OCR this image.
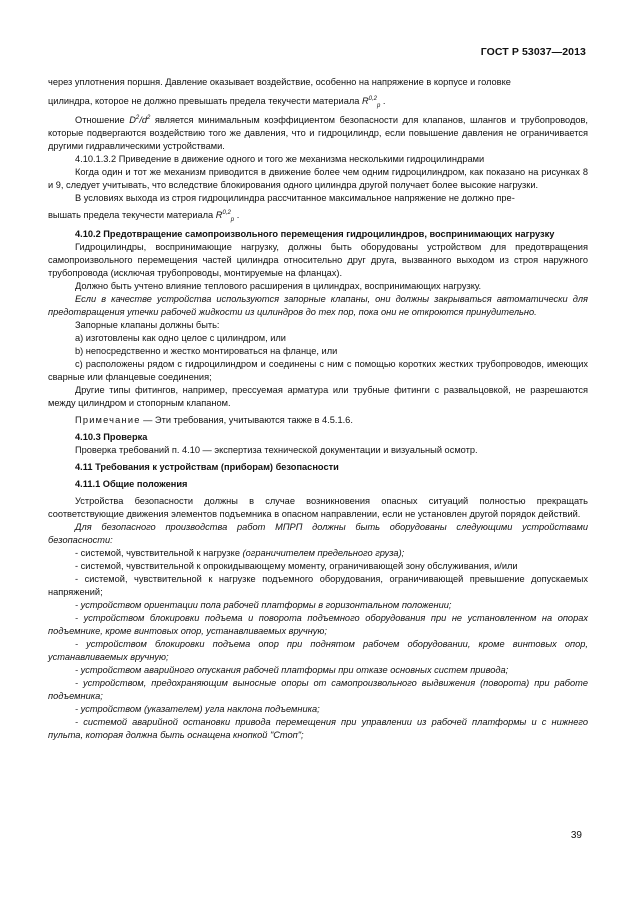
ГОСТ Р 53037—2013

через уплотнения поршня. Давление оказывает воздействие, особенно на напряжение в корпусе и головке

цилиндра, которое не должно превышать предела текучести материала R$^{0,2}_p$ .

Отношение $D^2/d^2$ является минимальным коэффициентом безопасности для клапанов, шлангов и трубопроводов, которые подвергаются воздействию того же давления, что и гидроцилиндр, если повышение давления не ограничивается другими гидравлическими устройствами.

4.10.1.3.2 Приведение в движение одного и того же механизма несколькими гидроцилиндрами

Когда один и тот же механизм приводится в движение более чем одним гидроцилиндром, как показано на рисунках 8 и 9, следует учитывать, что вследствие блокирования одного цилиндра другой получает более высокие нагрузки.

В условиях выхода из строя гидроцилиндра рассчитанное максимальное напряжение не должно пре-

вышать предела текучести материала R$^{0,2}_p$ .

4.10.2 Предотвращение самопроизвольного перемещения гидроцилиндров, воспринимающих нагрузку

Гидроцилиндры, воспринимающие нагрузку, должны быть оборудованы устройством для предотвращения самопроизвольного перемещения частей цилиндра относительно друг друга, вызванного выходом из строя наружного трубопровода (исключая трубопроводы, монтируемые на фланцах).

Должно быть учтено влияние теплового расширения в цилиндрах, воспринимающих нагрузку.

Если в качестве устройства используются запорные клапаны, они должны закрываться автоматически для предотвращения утечки рабочей жидкости из цилиндров до тех пор, пока они не откроются принудительно.

Запорные клапаны должны быть:

а) изготовлены как одно целое с цилиндром, или

b) непосредственно и жестко монтироваться на фланце, или

с) расположены рядом с гидроцилиндром и соединены с ним с помощью коротких жестких трубопроводов, имеющих сварные или фланцевые соединения;

Другие типы фитингов, например, прессуемая арматура или трубные фитинги с развальцовкой, не разрешаются между цилиндром и стопорным клапаном.

Примечание — Эти требования, учитываются также в 4.5.1.6.

4.10.3 Проверка

Проверка требований п. 4.10 — экспертиза технической документации и визуальный осмотр.

4.11 Требования к устройствам (приборам) безопасности

4.11.1 Общие положения

Устройства безопасности должны в случае возникновения опасных ситуаций полностью прекращать соответствующие движения элементов подъемника в опасном направлении, если не установлен другой порядок действий.

Для безопасного производства работ МПРП должны быть оборудованы следующими устройствами безопасности:

- системой, чувствительной к нагрузке (ограничителем предельного груза);

- системой, чувствительной к опрокидывающему моменту, ограничивающей зону обслуживания, и/или

- системой, чувствительной к нагрузке подъемного оборудования, ограничивающей превышение допускаемых напряжений;

- устройством ориентации пола рабочей платформы в горизонтальном положении;

- устройством блокировки подъема и поворота подъемного оборудования при не установленном на опорах подъемнике, кроме винтовых опор, устанавливаемых вручную;

- устройством блокировки подъема опор при поднятом рабочем оборудовании, кроме винтовых опор, устанавливаемых вручную;

- устройством аварийного опускания рабочей платформы при отказе основных систем привода;

- устройством, предохраняющим выносные опоры от самопроизвольного выдвижения (поворота) при работе подъемника;

- устройством (указателем) угла наклона подъемника;

- системой аварийной остановки привода перемещения при управлении из рабочей платформы и с нижнего пульта, которая должна быть оснащена кнопкой "Стоп";

39
